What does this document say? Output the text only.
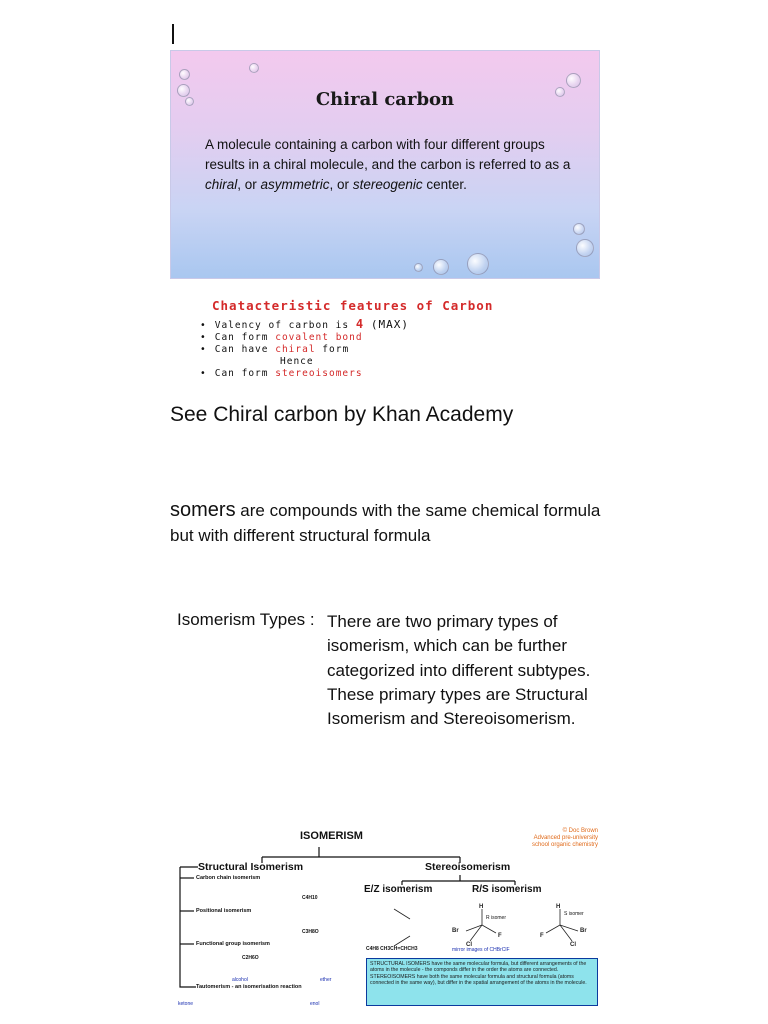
Chiral carbon
A molecule containing a carbon with four different groups results in a chiral molecule, and the carbon is referred to as a chiral, or asymmetric, or stereogenic center.
Chatacteristic features of Carbon
• Valency of carbon is 4 (MAX)
• Can form covalent bond
• Can have chiral form
Hence
• Can form stereoisomers
See Chiral carbon by Khan Academy
somers are compounds with the same chemical formula but with different structural formula
Isomerism Types : There are two primary types of isomerism, which can be further categorized into different subtypes. These primary types are Structural Isomerism and Stereoisomerism.
H	H
Br
F
Cl
Br
F
Cl
ISOMERISM	© Doc Brown
Advanced pre-university
school organic chemistry
Structural Isomerism	Stereoisomerism
E/Z isomerism	R/S isomerism
Carbon chain isomerism
Positional isomerism
Functional group isomerism
Tautomerism - an isomerisation reaction
ketone	enol
alcohol	ether
C4H10
C3H8O
C2H6O
C4H8 CH3CH=CHCH3	mirror images of CHBrClF
R isomer
S isomer
STRUCTURAL ISOMERS have the same molecular formula, but different arrangements of the atoms in the molecule - the componds differ in the order the atoms are connected. STEREOISOMERS have both the same molecular formula and structural formula (atoms connected in the same way), but differ in the spatial arrangement of the atoms in the molecule.
